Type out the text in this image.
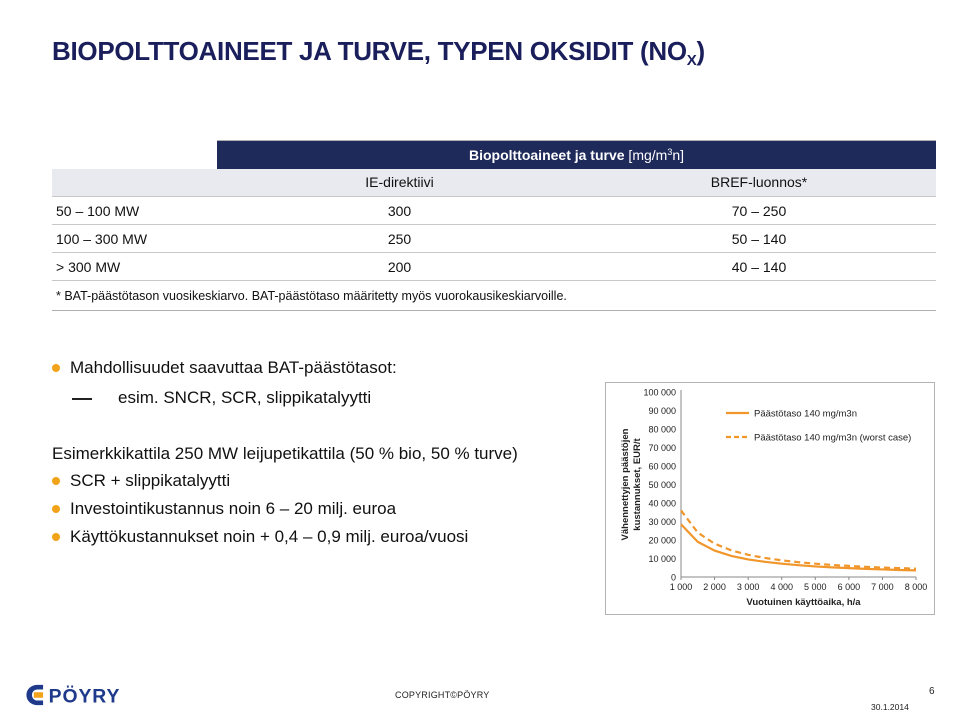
BIOPOLTTOAINEET JA TURVE, TYPEN OKSIDIT $(NO_X)$
	Biopolttoaineet ja turve $[mg/m^3n]$	
	IE-direktiivi	BREF-luonnos*
50 – 100 MW	300	70 – 250
100 – 300 MW	250	50 – 140
> 300 MW	200	40 – 140
* BAT-päästötason vuosikeskiarvo. BAT-päästötaso määritetty myös vuorokausikeskiarvoille.		
Mahdollisuudet saavuttaa BAT-päästötasot:
esim. SNCR, SCR, slippikatalyytti
Esimerkkikattila 250 MW leijupetikattila (50 % bio, 50 % turve)
SCR + slippikatalyytti
Investointikustannus noin 6 – 20 milj. euroa
Käyttökustannukset noin + 0,4 – 0,9 milj. euroa/vuosi
0
10 000
20 000
30 000
40 000
50 000
60 000
70 000
80 000
90 000
100 000
1 000 2 000 3 000 4 000 5 000 6 000 7 000 8 000
Vuotuinen käyttöaika, h/a
Vähennettyjen päästöjen kustannukset, EUR/t
Päästötaso 140 mg/m3n
Päästötaso 140 mg/m3n (worst case)
PÖYRY	COPYRIGHT©PÖYRY	6
30.1.2014
